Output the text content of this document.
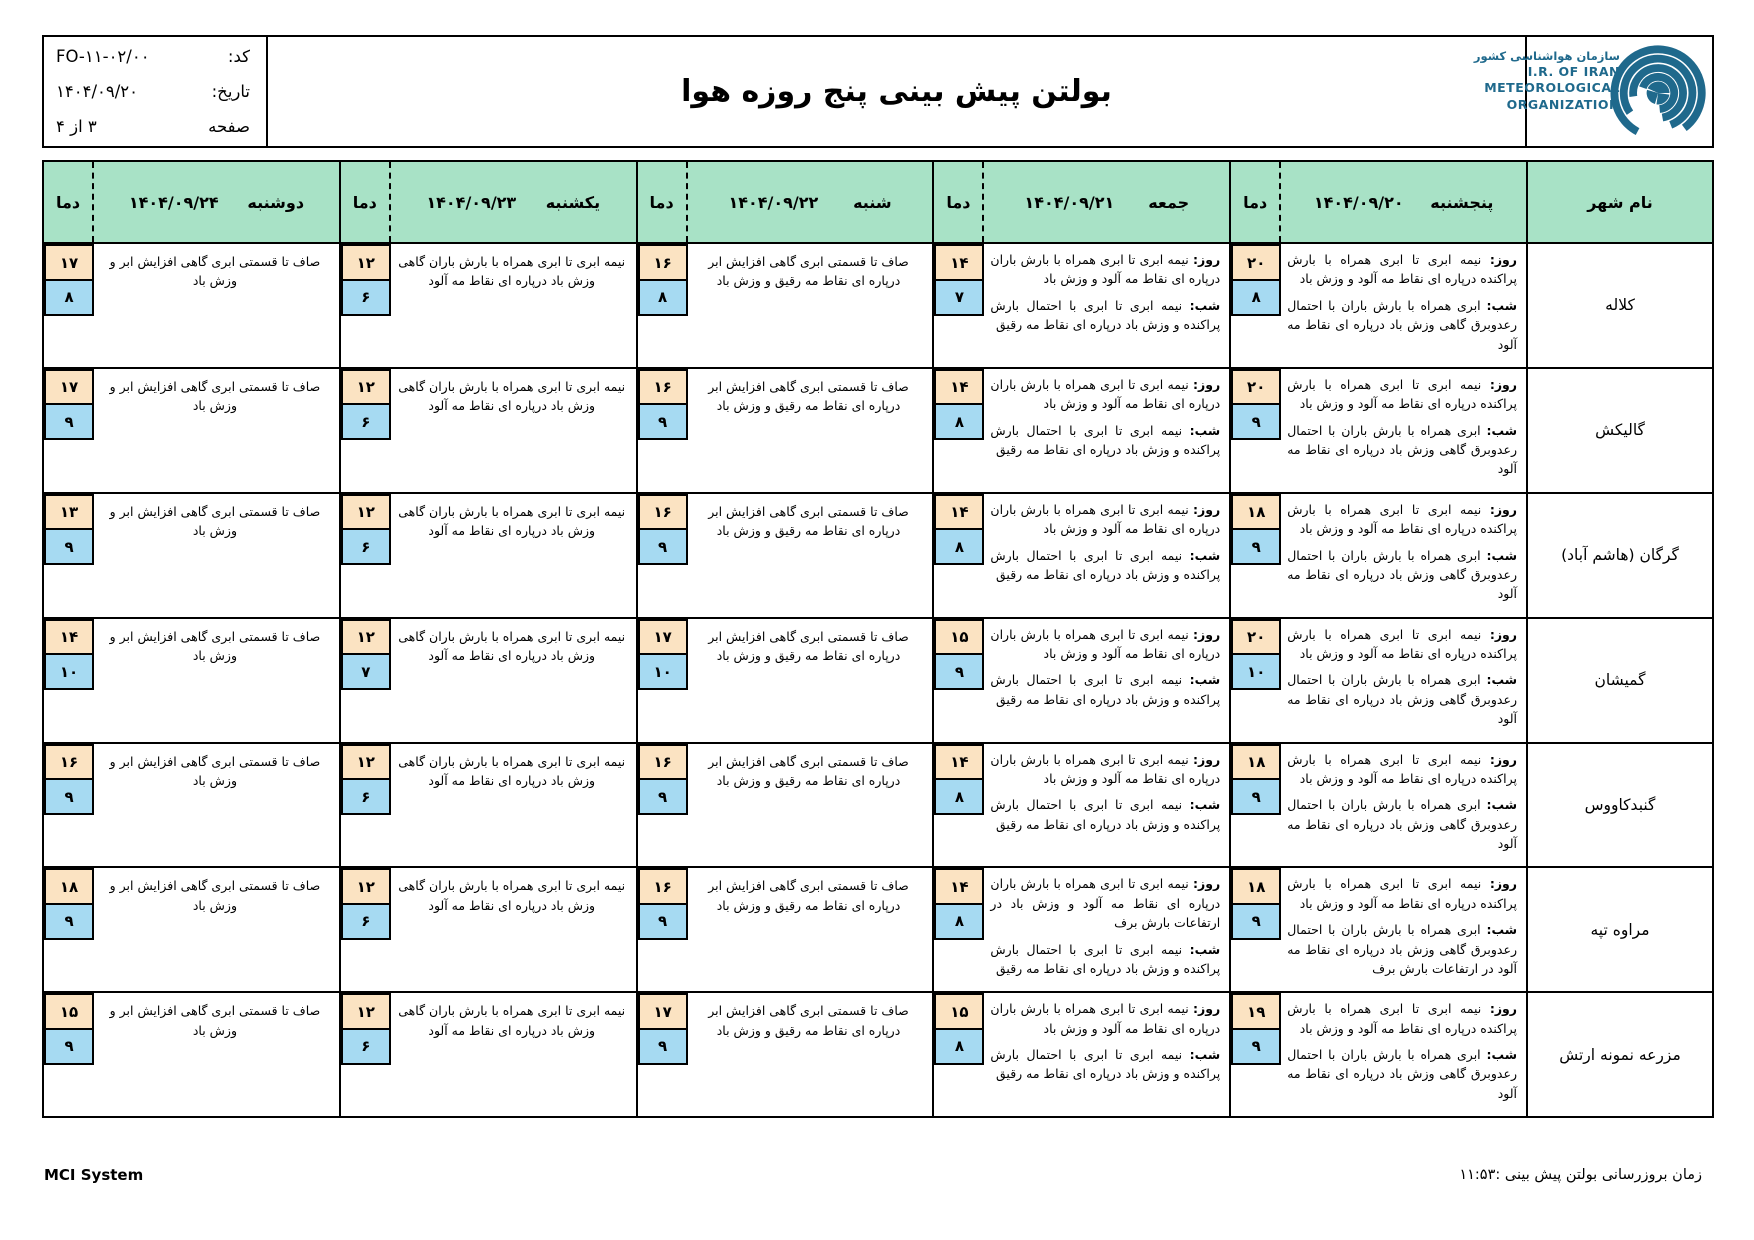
سازمان هواشناسی کشور
I.R. OF IRAN
METEOROLOGICAL
ORGANIZATION
بولتن پیش بینی پنج روزه هوا
کد:
FO-۱۱-۰۲/۰۰
تاریخ:
۱۴۰۴/۰۹/۲۰
صفحه
۳ از ۴
نام شهر
پنجشنبه
۱۴۰۴/۰۹/۲۰
دما
جمعه
۱۴۰۴/۰۹/۲۱
دما
شنبه
۱۴۰۴/۰۹/۲۲
دما
یکشنبه
۱۴۰۴/۰۹/۲۳
دما
دوشنبه
۱۴۰۴/۰۹/۲۴
دما
کلاله

روز: نیمه ابری تا ابری همراه با بارش پراکنده درپاره ای نقاط مه آلود و وزش باد

شب: ابری همراه با بارش باران با احتمال رعدوبرق گاهی وزش باد درپاره ای نقاط مه آلود

۲۰
۸

روز: نیمه ابری تا ابری همراه با بارش باران درپاره ای نقاط مه آلود و وزش باد

شب: نیمه ابری تا ابری با احتمال بارش پراکنده و وزش باد درپاره ای نقاط مه رقیق

۱۴
۷

صاف تا قسمتی ابری گاهی افزایش ابر درپاره ای نقاط مه رقیق و وزش باد

۱۶
۸

نیمه ابری تا ابری همراه با بارش باران گاهی وزش باد درپاره ای نقاط مه آلود

۱۲
۶

صاف تا قسمتی ابری گاهی افزایش ابر و وزش باد

۱۷
۸
گالیکش

روز: نیمه ابری تا ابری همراه با بارش پراکنده درپاره ای نقاط مه آلود و وزش باد

شب: ابری همراه با بارش باران با احتمال رعدوبرق گاهی وزش باد درپاره ای نقاط مه آلود

۲۰
۹

روز: نیمه ابری تا ابری همراه با بارش باران درپاره ای نقاط مه آلود و وزش باد

شب: نیمه ابری تا ابری با احتمال بارش پراکنده و وزش باد درپاره ای نقاط مه رقیق

۱۴
۸

صاف تا قسمتی ابری گاهی افزایش ابر درپاره ای نقاط مه رقیق و وزش باد

۱۶
۹

نیمه ابری تا ابری همراه با بارش باران گاهی وزش باد درپاره ای نقاط مه آلود

۱۲
۶

صاف تا قسمتی ابری گاهی افزایش ابر و وزش باد

۱۷
۹
گرگان (هاشم آباد)

روز: نیمه ابری تا ابری همراه با بارش پراکنده درپاره ای نقاط مه آلود و وزش باد

شب: ابری همراه با بارش باران با احتمال رعدوبرق گاهی وزش باد درپاره ای نقاط مه آلود

۱۸
۹

روز: نیمه ابری تا ابری همراه با بارش باران درپاره ای نقاط مه آلود و وزش باد

شب: نیمه ابری تا ابری با احتمال بارش پراکنده و وزش باد درپاره ای نقاط مه رقیق

۱۴
۸

صاف تا قسمتی ابری گاهی افزایش ابر درپاره ای نقاط مه رقیق و وزش باد

۱۶
۹

نیمه ابری تا ابری همراه با بارش باران گاهی وزش باد درپاره ای نقاط مه آلود

۱۲
۶

صاف تا قسمتی ابری گاهی افزایش ابر و وزش باد

۱۳
۹
گمیشان

روز: نیمه ابری تا ابری همراه با بارش پراکنده درپاره ای نقاط مه آلود و وزش باد

شب: ابری همراه با بارش باران با احتمال رعدوبرق گاهی وزش باد درپاره ای نقاط مه آلود

۲۰
۱۰

روز: نیمه ابری تا ابری همراه با بارش باران درپاره ای نقاط مه آلود و وزش باد

شب: نیمه ابری تا ابری با احتمال بارش پراکنده و وزش باد درپاره ای نقاط مه رقیق

۱۵
۹

صاف تا قسمتی ابری گاهی افزایش ابر درپاره ای نقاط مه رقیق و وزش باد

۱۷
۱۰

نیمه ابری تا ابری همراه با بارش باران گاهی وزش باد درپاره ای نقاط مه آلود

۱۲
۷

صاف تا قسمتی ابری گاهی افزایش ابر و وزش باد

۱۴
۱۰
گنبدکاووس

روز: نیمه ابری تا ابری همراه با بارش پراکنده درپاره ای نقاط مه آلود و وزش باد

شب: ابری همراه با بارش باران با احتمال رعدوبرق گاهی وزش باد درپاره ای نقاط مه آلود

۱۸
۹

روز: نیمه ابری تا ابری همراه با بارش باران درپاره ای نقاط مه آلود و وزش باد

شب: نیمه ابری تا ابری با احتمال بارش پراکنده و وزش باد درپاره ای نقاط مه رقیق

۱۴
۸

صاف تا قسمتی ابری گاهی افزایش ابر درپاره ای نقاط مه رقیق و وزش باد

۱۶
۹

نیمه ابری تا ابری همراه با بارش باران گاهی وزش باد درپاره ای نقاط مه آلود

۱۲
۶

صاف تا قسمتی ابری گاهی افزایش ابر و وزش باد

۱۶
۹
مراوه تپه

روز: نیمه ابری تا ابری همراه با بارش پراکنده درپاره ای نقاط مه آلود و وزش باد

شب: ابری همراه با بارش باران با احتمال رعدوبرق گاهی وزش باد درپاره ای نقاط مه آلود در ارتفاعات بارش برف

۱۸
۹

روز: نیمه ابری تا ابری همراه با بارش باران درپاره ای نقاط مه آلود و وزش باد در ارتفاعات بارش برف

شب: نیمه ابری تا ابری با احتمال بارش پراکنده و وزش باد درپاره ای نقاط مه رقیق

۱۴
۸

صاف تا قسمتی ابری گاهی افزایش ابر درپاره ای نقاط مه رقیق و وزش باد

۱۶
۹

نیمه ابری تا ابری همراه با بارش باران گاهی وزش باد درپاره ای نقاط مه آلود

۱۲
۶

صاف تا قسمتی ابری گاهی افزایش ابر و وزش باد

۱۸
۹
مزرعه نمونه ارتش

روز: نیمه ابری تا ابری همراه با بارش پراکنده درپاره ای نقاط مه آلود و وزش باد

شب: ابری همراه با بارش باران با احتمال رعدوبرق گاهی وزش باد درپاره ای نقاط مه آلود

۱۹
۹

روز: نیمه ابری تا ابری همراه با بارش باران درپاره ای نقاط مه آلود و وزش باد

شب: نیمه ابری تا ابری با احتمال بارش پراکنده و وزش باد درپاره ای نقاط مه رقیق

۱۵
۸

صاف تا قسمتی ابری گاهی افزایش ابر درپاره ای نقاط مه رقیق و وزش باد

۱۷
۹

نیمه ابری تا ابری همراه با بارش باران گاهی وزش باد درپاره ای نقاط مه آلود

۱۲
۶

صاف تا قسمتی ابری گاهی افزایش ابر و وزش باد

۱۵
۹
زمان بروزرسانی بولتن پیش بینی :۱۱:۵۳
MCI System
